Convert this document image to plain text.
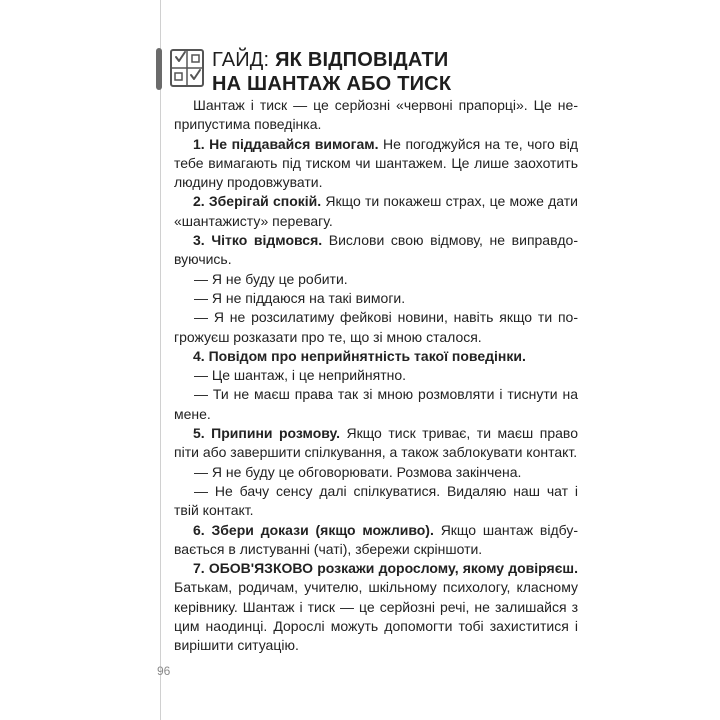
ГАЙД: ЯК ВІДПОВІДАТИ
НА ШАНТАЖ АБО ТИСК

Шантаж і тиск — це серйозні «червоні прапорці». Це неприпустима поведінка.

1. Не піддавайся вимогам. Не погоджуйся на те, чого від тебе вимагають під тиском чи шантажем. Це лише заохотить людину продовжувати.

2. Зберігай спокій. Якщо ти покажеш страх, це може дати «шантажисту» перевагу.

3. Чітко відмовся. Вислови свою відмову, не виправдовуючись.

— Я не буду це робити.

— Я не піддаюся на такі вимоги.

— Я не розсилатиму фейкові новини, навіть якщо ти погрожуєш розказати про те, що зі мною сталося.

4. Повідом про неприйнятність такої поведінки.

— Це шантаж, і це неприйнятно.

— Ти не маєш права так зі мною розмовляти і тиснути на мене.

5. Припини розмову. Якщо тиск триває, ти маєш право піти або завершити спілкування, а також заблокувати контакт.

— Я не буду це обговорювати. Розмова закінчена.

— Не бачу сенсу далі спілкуватися. Видаляю наш чат і твій контакт.

6. Збери докази (якщо можливо). Якщо шантаж відбувається в листуванні (чаті), збережи скріншоти.

7. ОБОВ'ЯЗКОВО розкажи дорослому, якому довіряєш. Батькам, родичам, учителю, шкільному психологу, класному керівнику. Шантаж і тиск — це серйозні речі, не залишайся з цим наодинці. Дорослі можуть допомогти тобі захиститися і вирішити ситуацію.

96
